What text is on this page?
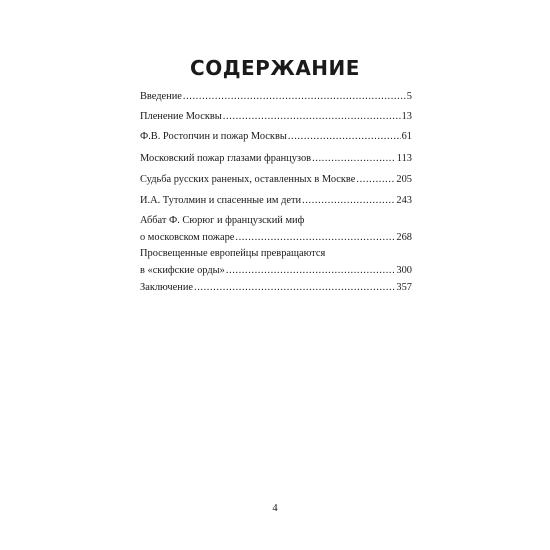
СОДЕРЖАНИЕ
Введение .....	5
Пленение Москвы .....	13
Ф.В. Ростопчин и пожар Москвы .....	61
Московский пожар глазами французов .....	113
Судьба русских раненых, оставленных в Москве .....	205
И.А. Тутолмин и спасенные им дети .....	243
Аббат Ф. Сюрюг и французский миф
о московском пожаре .....	268
Просвещенные европейцы превращаются
в «скифские орды» .....	300
Заключение .....	357
4
